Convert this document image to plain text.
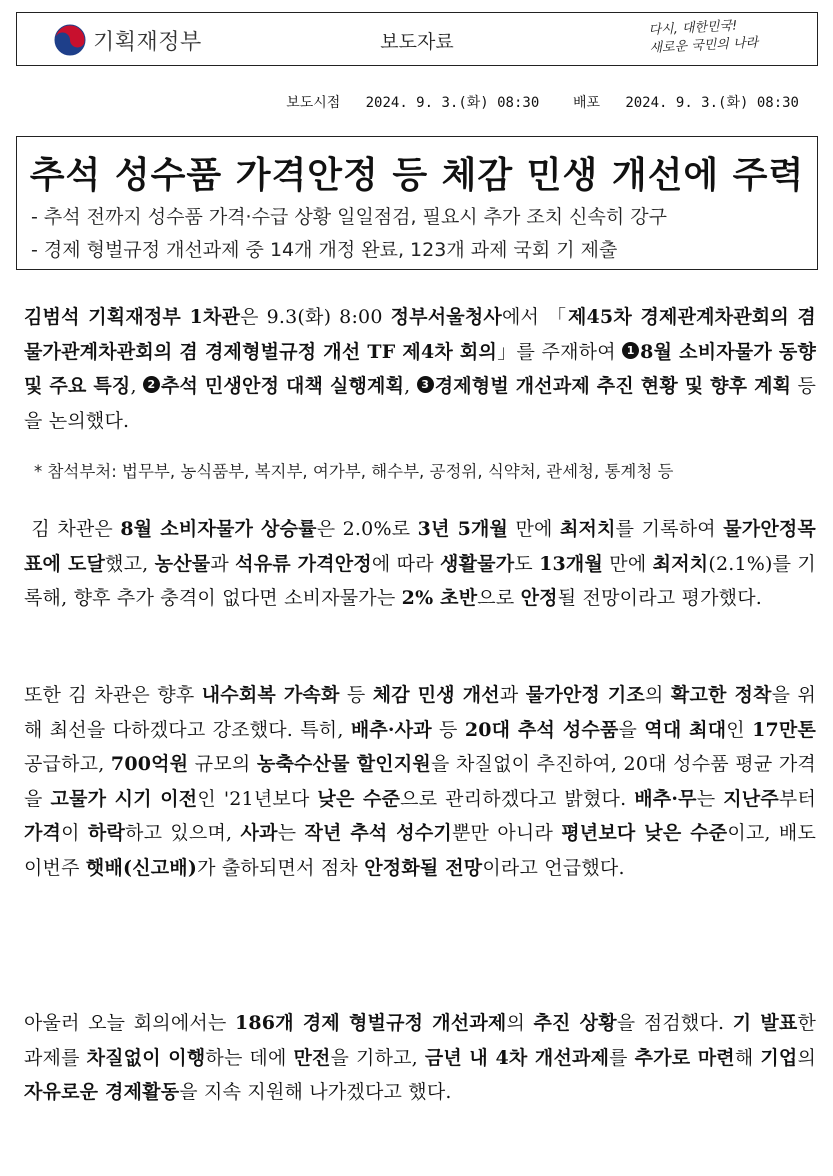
기획재정부	보도자료
다시, 대한민국!
새로운 국민의 나라
보도시점   2024. 9. 3.(화) 08:30    배포   2024. 9. 3.(화) 08:30
추석 성수품 가격안정 등 체감 민생 개선에 주력
- 추석 전까지 성수품 가격·수급 상황 일일점검, 필요시 추가 조치 신속히 강구
- 경제 형벌규정 개선과제 중 14개 개정 완료, 123개 과제 국회 기 제출
김범석 기획재정부 1차관은 9.3(화) 8:00 정부서울청사에서 「제45차 경제관계차관회의 겸 물가관계차관회의 겸 경제형벌규정 개선 TF 제4차 회의」를 주재하여 1 8월 소비자물가 동향 및 주요 특징, 2 추석 민생안정 대책 실행계획, 3 경제형벌 개선과제 추진 현황 및 향후 계획 등을 논의했다.
* 참석부처: 법무부, 농식품부, 복지부, 여가부, 해수부, 공정위, 식약처, 관세청, 통계청 등
김 차관은 8월 소비자물가 상승률은 2.0%로 3년 5개월 만에 최저치를 기록하여 물가안정목표에 도달했고, 농산물과 석유류 가격안정에 따라 생활물가도 13개월 만에 최저치(2.1%)를 기록해, 향후 추가 충격이 없다면 소비자물가는 2% 초반으로 안정될 전망이라고 평가했다.
또한 김 차관은 향후 내수회복 가속화 등 체감 민생 개선과 물가안정 기조의 확고한 정착을 위해 최선을 다하겠다고 강조했다. 특히, 배추·사과 등 20대 추석 성수품을 역대 최대인 17만톤 공급하고, 700억원 규모의 농축수산물 할인지원을 차질없이 추진하여, 20대 성수품 평균 가격을 고물가 시기 이전인 '21년보다 낮은 수준으로 관리하겠다고 밝혔다. 배추·무는 지난주부터 가격이 하락하고 있으며, 사과는 작년 추석 성수기뿐만 아니라 평년보다 낮은 수준이고, 배도 이번주 햇배(신고배)가 출하되면서 점차 안정화될 전망이라고 언급했다.
아울러 오늘 회의에서는 186개 경제 형벌규정 개선과제의 추진 상황을 점검했다. 기 발표한 과제를 차질없이 이행하는 데에 만전을 기하고, 금년 내 4차 개선과제를 추가로 마련해 기업의 자유로운 경제활동을 지속 지원해 나가겠다고 했다.
